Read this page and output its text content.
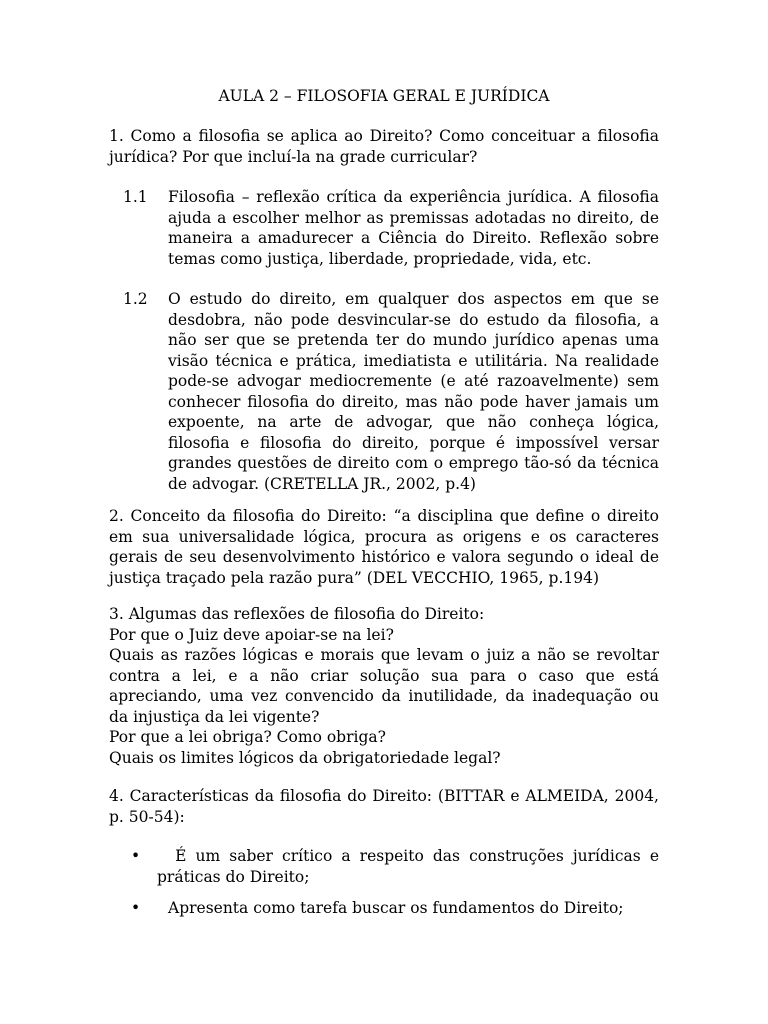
AULA 2 – FILOSOFIA GERAL E JURÍDICA
1. Como a filosofia se aplica ao Direito? Como conceituar a filosofia jurídica? Por que incluí-la na grade curricular?
1.1 Filosofia – reflexão crítica da experiência jurídica. A filosofia ajuda a escolher melhor as premissas adotadas no direito, de maneira a amadurecer a Ciência do Direito. Reflexão sobre temas como justiça, liberdade, propriedade, vida, etc.
1.2 O estudo do direito, em qualquer dos aspectos em que se desdobra, não pode desvincular-se do estudo da filosofia, a não ser que se pretenda ter do mundo jurídico apenas uma visão técnica e prática, imediatista e utilitária. Na realidade pode-se advogar mediocremente (e até razoavelmente) sem conhecer filosofia do direito, mas não pode haver jamais um expoente, na arte de advogar, que não conheça lógica, filosofia e filosofia do direito, porque é impossível versar grandes questões de direito com o emprego tão-só da técnica de advogar. (CRETELLA JR., 2002, p.4)
2. Conceito da filosofia do Direito: “a disciplina que define o direito em sua universalidade lógica, procura as origens e os caracteres gerais de seu desenvolvimento histórico e valora segundo o ideal de justiça traçado pela razão pura” (DEL VECCHIO, 1965, p.194)
3. Algumas das reflexões de filosofia do Direito:
Por que o Juiz deve apoiar-se na lei?
Quais as razões lógicas e morais que levam o juiz a não se revoltar contra a lei, e a não criar solução sua para o caso que está apreciando, uma vez convencido da inutilidade, da inadequação ou da injustiça da lei vigente?
Por que a lei obriga? Como obriga?
Quais os limites lógicos da obrigatoriedade legal?
4. Características da filosofia do Direito: (BITTAR e ALMEIDA, 2004, p. 50-54):
• É um saber crítico a respeito das construções jurídicas e práticas do Direito;
• Apresenta como tarefa buscar os fundamentos do Direito;
